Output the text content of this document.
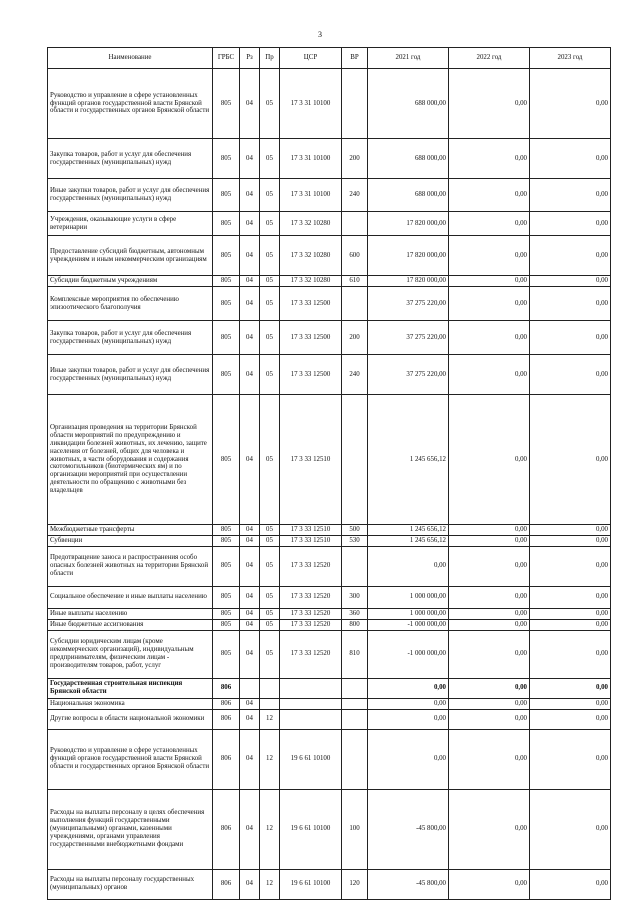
3
Наименование	ГРБС	Рз	Пр	ЦСР	ВР	2021 год	2022 год	2023 год
Руководство и управление в сфере установленных функций органов государственной власти Брянской области и государственных органов Брянской области	805	04	05	17 3 31 10100		688 000,00	0,00	0,00
Закупка товаров, работ и услуг для обеспечения государственных (муниципальных) нужд	805	04	05	17 3 31 10100	200	688 000,00	0,00	0,00
Иные закупки товаров, работ и услуг для обеспечения государственных (муниципальных) нужд	805	04	05	17 3 31 10100	240	688 000,00	0,00	0,00
Учреждения, оказывающие услуги в сфере ветеринарии	805	04	05	17 3 32 10280		17 820 000,00	0,00	0,00
Предоставление субсидий бюджетным, автономным учреждениям и иным некоммерческим организациям	805	04	05	17 3 32 10280	600	17 820 000,00	0,00	0,00
Субсидии бюджетным учреждениям	805	04	05	17 3 32 10280	610	17 820 000,00	0,00	0,00
Комплексные мероприятия по обеспечению эпизоотического благополучия	805	04	05	17 3 33 12500		37 275 220,00	0,00	0,00
Закупка товаров, работ и услуг для обеспечения государственных (муниципальных) нужд	805	04	05	17 3 33 12500	200	37 275 220,00	0,00	0,00
Иные закупки товаров, работ и услуг для обеспечения государственных (муниципальных) нужд	805	04	05	17 3 33 12500	240	37 275 220,00	0,00	0,00
Организация проведения на территории Брянской области мероприятий по предупреждению и ликвидации болезней животных, их лечению, защите населения от болезней, общих для человека и животных, в части оборудования и содержания скотомогильников (биотермических ям) и по организации мероприятий при осуществлении деятельности по обращению с животными без владельцев	805	04	05	17 3 33 12510		1 245 656,12	0,00	0,00
Межбюджетные трансферты	805	04	05	17 3 33 12510	500	1 245 656,12	0,00	0,00
Субвенции	805	04	05	17 3 33 12510	530	1 245 656,12	0,00	0,00
Предотвращение заноса и распространения особо опасных болезней животных на территории Брянской области	805	04	05	17 3 33 12520		0,00	0,00	0,00
Социальное обеспечение и иные выплаты населению	805	04	05	17 3 33 12520	300	1 000 000,00	0,00	0,00
Иные выплаты населению	805	04	05	17 3 33 12520	360	1 000 000,00	0,00	0,00
Иные бюджетные ассигнования	805	04	05	17 3 33 12520	800	-1 000 000,00	0,00	0,00
Субсидии юридическим лицам (кроме некоммерческих организаций), индивидуальным предпринимателям, физическим лицам - производителям товаров, работ, услуг	805	04	05	17 3 33 12520	810	-1 000 000,00	0,00	0,00
Государственная строительная инспекция Брянской области	806					0,00	0,00	0,00
Национальная экономика	806	04				0,00	0,00	0,00
Другие вопросы в области национальной экономики	806	04	12			0,00	0,00	0,00
Руководство и управление в сфере установленных функций органов государственной власти Брянской области и государственных органов Брянской области	806	04	12	19 6 61 10100		0,00	0,00	0,00
Расходы на выплаты персоналу в целях обеспечения выполнения функций государственными (муниципальными) органами, казенными учреждениями, органами управления государственными внебюджетными фондами	806	04	12	19 6 61 10100	100	-45 800,00	0,00	0,00
Расходы на выплаты персоналу государственных (муниципальных) органов	806	04	12	19 6 61 10100	120	-45 800,00	0,00	0,00
